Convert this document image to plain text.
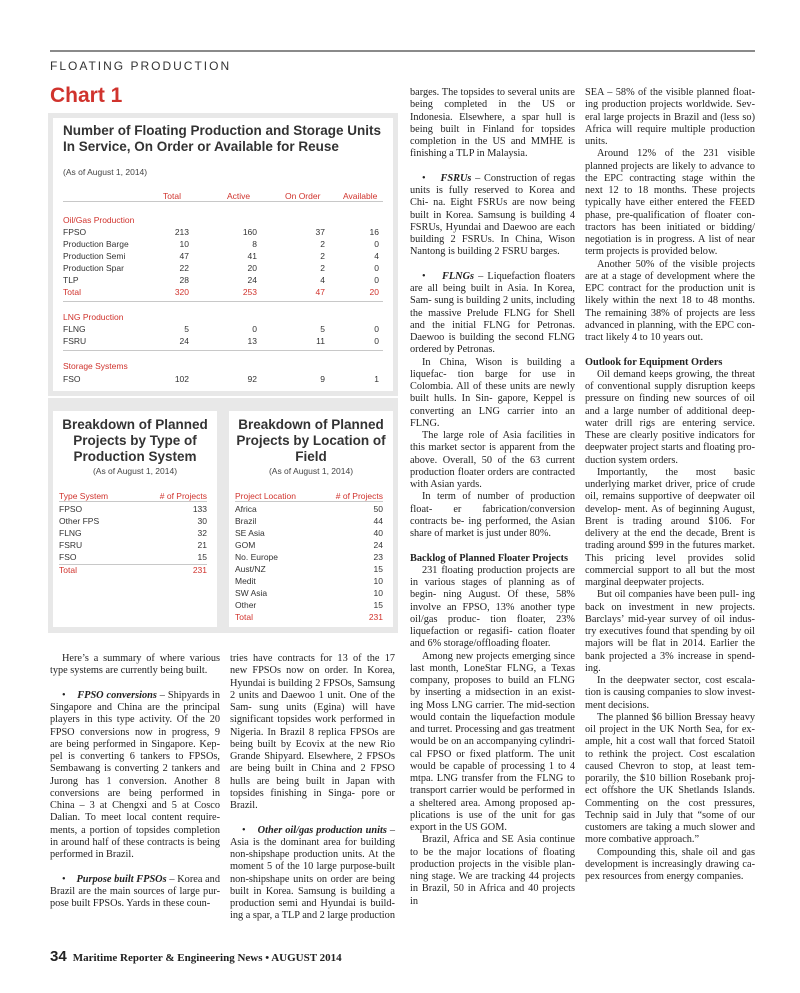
FLOATING PRODUCTION
Chart 1
Number of Floating Production and Storage Units In Service, On Order or Available for Reuse
(As of August 1, 2014)
Total	Active	On Order	Available
Oil/Gas Production
FPSO	213	160	37	16
Production Barge	10	8	2	0
Production Semi	47	41	2	4
Production Spar	22	20	2	0
TLP	28	24	4	0
Total	320	253	47	20
LNG Production
FLNG	5	0	5	0
FSRU	24	13	11	0
Storage Systems
FSO	102	92	9	1
Breakdown of Planned Projects by Type of Production System
(As of August 1, 2014)
Type System	# of Projects
FPSO	133
Other FPS	30
FLNG	32
FSRU	21
FSO	15
Total	231
Breakdown of Planned Projects by Location of Field
(As of August 1, 2014)
Project Location	# of Projects
Africa	50
Brazil	44
SE Asia	40
GOM	24
No. Europe	23
Aust/NZ	15
Medit	10
SW Asia	10
Other	15
Total	231

Here’s a summary of where various type systems are currently being built.

•    FPSO conversions – Shipyards in Singapore and China are the principal players in this type activity. Of the 20 FPSO conversions now in progress, 9 are being performed in Singapore. Kep- pel is converting 6 tankers to FPSOs, Sembawang is converting 2 tankers and Jurong has 1 conversion. Another 8 conversions are being performed in China – 3 at Chengxi and 5 at Cosco Dalian. To meet local content require- ments, a portion of topsides completion in around half of these contracts is being performed in Brazil.

•    Purpose built FPSOs – Korea and Brazil are the main sources of large pur- pose built FPSOs. Yards in these coun-

tries have contracts for 13 of the 17 new FPSOs now on order. In Korea, Hyundai is building 2 FPSOs, Samsung 2 units and Daewoo 1 unit. One of the Sam- sung units (Egina) will have significant topsides work performed in Nigeria. In Brazil 8 replica FPSOs are being built by Ecovix at the new Rio Grande Shipyard. Elsewhere, 2 FPSOs are being built in China and 2 FPSO hulls are being built in Japan with topsides finishing in Singa- pore or Brazil.

•    Other oil/gas production units – Asia is the dominant area for building non-shipshape production units. At the moment 5 of the 10 large purpose-built non-shipshape units on order are being built in Korea. Samsung is building a production semi and Hyundai is build- ing a spar, a TLP and 2 large production

barges. The topsides to several units are being completed in the US or Indonesia. Elsewhere, a spar hull is being built in Finland for topsides completion in the US and MMHE is finishing a TLP in Malaysia.

•    FSRUs – Construction of regas units is fully reserved to Korea and Chi- na. Eight FSRUs are now being built in Korea. Samsung is building 4 FSRUs, Hyundai and Daewoo are each building 2 FSRUs. In China, Wison Nantong is building 2 FSRU barges.

•    FLNGs – Liquefaction floaters are all being built in Asia. In Korea, Sam- sung is building 2 units, including the massive Prelude FLNG for Shell and the initial FLNG for Petronas. Daewoo is building the second FLNG ordered by Petronas.

In China, Wison is building a liquefac- tion barge for use in Colombia. All of these units are newly built hulls. In Sin- gapore, Keppel is converting an LNG carrier into an FLNG.

The large role of Asia facilities in this market sector is apparent from the above. Overall, 50 of the 63 current production floater orders are contracted with Asian yards.

In term of number of production float- er fabrication/conversion contracts be- ing performed, the Asian share of market is just under 80%.

Backlog of Planned Floater Projects

231 floating production projects are in various stages of planning as of begin- ning August. Of these, 58% involve an FPSO, 13% another type oil/gas produc- tion floater, 23% liquefaction or regasifi- cation floater and 6% storage/offloading floater.

Among new projects emerging since last month, LoneStar FLNG, a Texas company, proposes to build an FLNG by inserting a midsection in an exist- ing Moss LNG carrier. The mid-section would contain the liquefaction module and turret. Processing and gas treatment would be on an accompanying cylindri- cal FPSO or fixed platform. The unit would be capable of processing 1 to 4 mtpa. LNG transfer from the FLNG to transport carrier would be performed in a sheltered area. Among proposed ap- plications is use of the unit for gas export in the US GOM.

Brazil, Africa and SE Asia continue to be the major locations of floating production projects in the visible plan- ning stage. We are tracking 44 projects in Brazil, 50 in Africa and 40 projects in

SEA – 58% of the visible planned float- ing production projects worldwide. Sev- eral large projects in Brazil and (less so) Africa will require multiple production units.

Around 12% of the 231 visible planned projects are likely to advance to the EPC contracting stage within the next 12 to 18 months. These projects typically have either entered the FEED phase, pre-qualification of floater con- tractors has been initiated or bidding/ negotiation is in progress. A list of near term projects is provided below.

Another 50% of the visible projects are at a stage of development where the EPC contract for the production unit is likely within the next 18 to 48 months. The remaining 38% of projects are less advanced in planning, with the EPC con- tract likely 4 to 10 years out.

Outlook for Equipment Orders

Oil demand keeps growing, the threat of conventional supply disruption keeps pressure on finding new sources of oil and a large number of additional deep- water drill rigs are entering service. These are clearly positive indicators for deepwater project starts and floating pro- duction system orders.

Importantly, the most basic underlying market driver, price of crude oil, remains supportive of deepwater oil develop- ment. As of beginning August, Brent is trading around $106. For delivery at the end the decade, Brent is trading around $99 in the futures market. This pricing level provides solid commercial support to all but the most marginal deepwater projects.

But oil companies have been pull- ing back on investment in new projects. Barclays’ mid-year survey of oil indus- try executives found that spending by oil majors will be flat in 2014. Earlier the bank projected a 3% increase in spend- ing.

In the deepwater sector, cost escala- tion is causing companies to slow invest- ment decisions.

The planned $6 billion Bressay heavy oil project in the UK North Sea, for ex- ample, hit a cost wall that forced Statoil to rethink the project. Cost escalation caused Chevron to stop, at least tem- porarily, the $10 billion Rosebank proj- ect offshore the UK Shetlands Islands. Commenting on the cost pressures, Technip said in July that “some of our customers are taking a much slower and more combative approach.”

Compounding this, shale oil and gas development is increasingly drawing ca- pex resources from energy companies.

34 Maritime Reporter & Engineering News • AUGUST 2014
